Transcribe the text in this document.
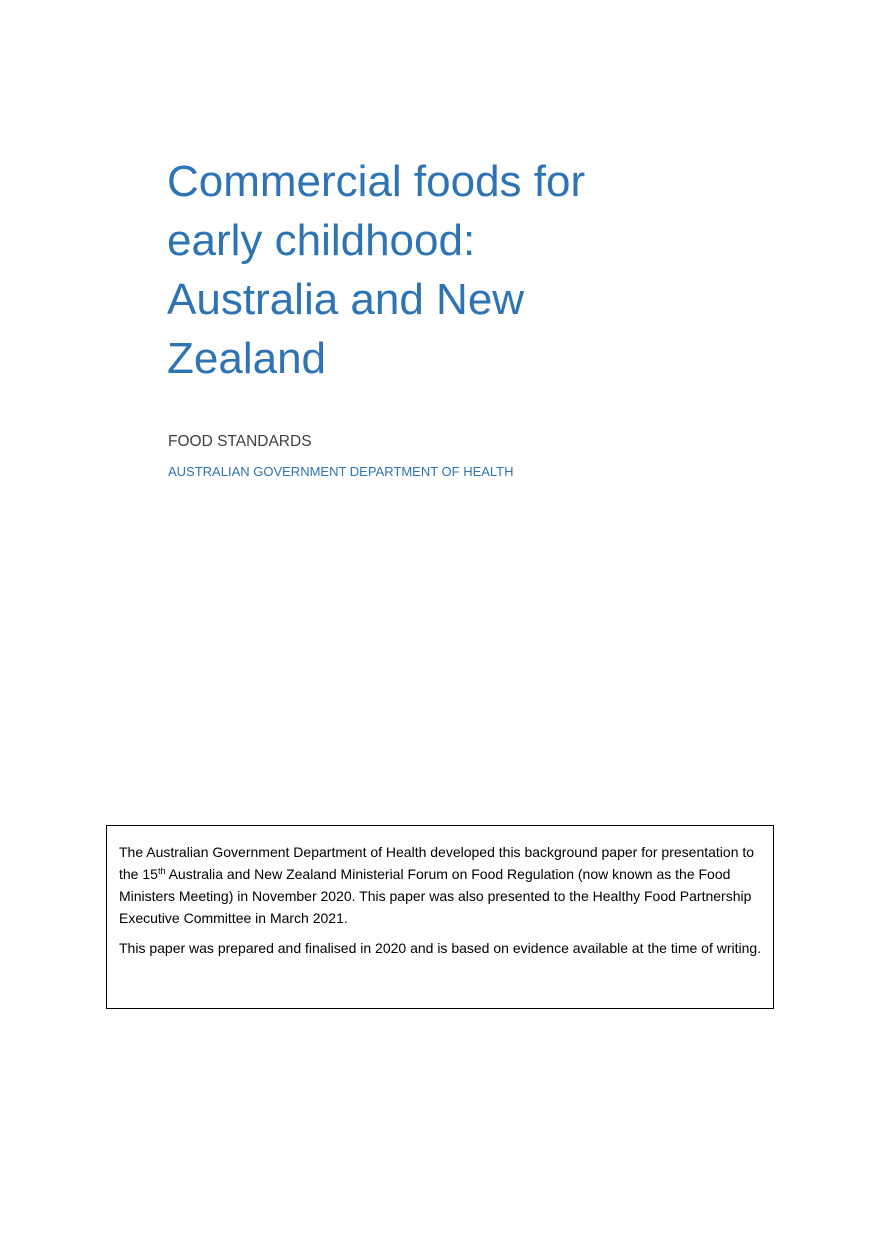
Commercial foods for
early childhood:
Australia and New
Zealand

FOOD STANDARDS

AUSTRALIAN GOVERNMENT DEPARTMENT OF HEALTH

The Australian Government Department of Health developed this background paper for presentation to the 15th Australia and New Zealand Ministerial Forum on Food Regulation (now known as the Food Ministers Meeting) in November 2020. This paper was also presented to the Healthy Food Partnership Executive Committee in March 2021.

This paper was prepared and finalised in 2020 and is based on evidence available at the time of writing.
